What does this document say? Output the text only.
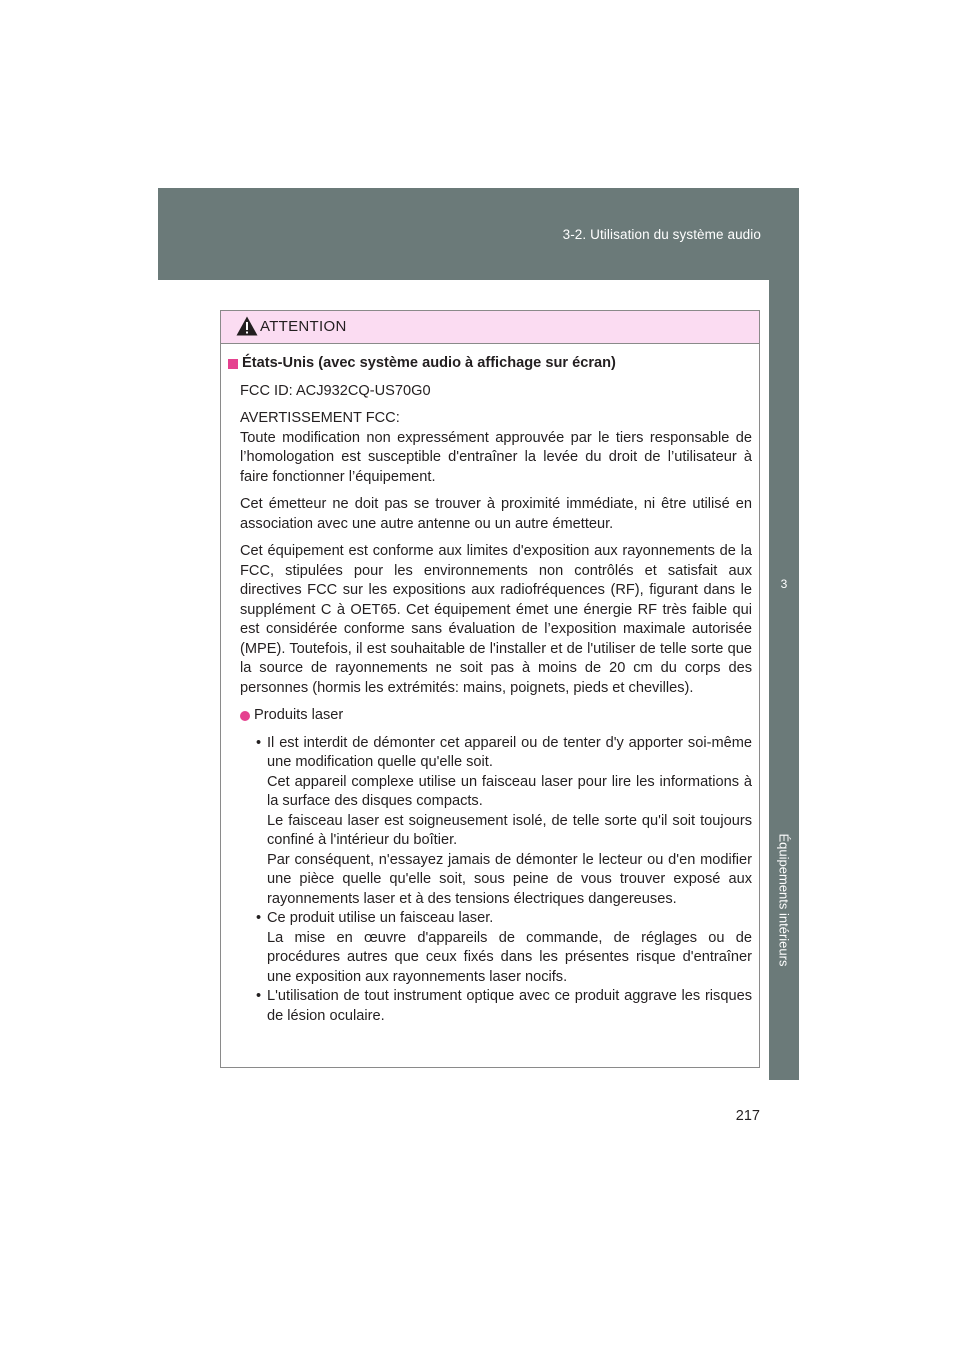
3-2. Utilisation du système audio
3
Équipements intérieurs
ATTENTION
États-Unis (avec système audio à affichage sur écran)

FCC ID: ACJ932CQ-US70G0

AVERTISSEMENT FCC:
Toute modification non expressément approuvée par le tiers responsable de l’homologation est susceptible d'entraîner la levée du droit de l’utilisateur à faire fonctionner l’équipement.

Cet émetteur ne doit pas se trouver à proximité immédiate, ni être utilisé en association avec une autre antenne ou un autre émetteur.

Cet équipement est conforme aux limites d'exposition aux rayonnements de la FCC, stipulées pour les environnements non contrôlés et satisfait aux directives FCC sur les expositions aux radiofréquences (RF), figurant dans le supplément C à OET65. Cet équipement émet une énergie RF très faible qui est considérée conforme sans évaluation de l’exposition maximale autorisée (MPE). Toutefois, il est souhaitable de l'installer et de l'utiliser de telle sorte que la source de rayonnements ne soit pas à moins de 20 cm du corps des personnes (hormis les extrémités: mains, poignets, pieds et chevilles).

Produits laser
• Il est interdit de démonter cet appareil ou de tenter d'y apporter soi-même une modification quelle qu'elle soit.
Cet appareil complexe utilise un faisceau laser pour lire les informations à la surface des disques compacts.
Le faisceau laser est soigneusement isolé, de telle sorte qu'il soit toujours confiné à l'intérieur du boîtier.
Par conséquent, n'essayez jamais de démonter le lecteur ou d'en modifier une pièce quelle qu'elle soit, sous peine de vous trouver exposé aux rayonnements laser et à des tensions électriques dangereuses.
• Ce produit utilise un faisceau laser.
La mise en œuvre d'appareils de commande, de réglages ou de procédures autres que ceux fixés dans les présentes risque d'entraîner une exposition aux rayonnements laser nocifs.
• L'utilisation de tout instrument optique avec ce produit aggrave les risques de lésion oculaire.
217
